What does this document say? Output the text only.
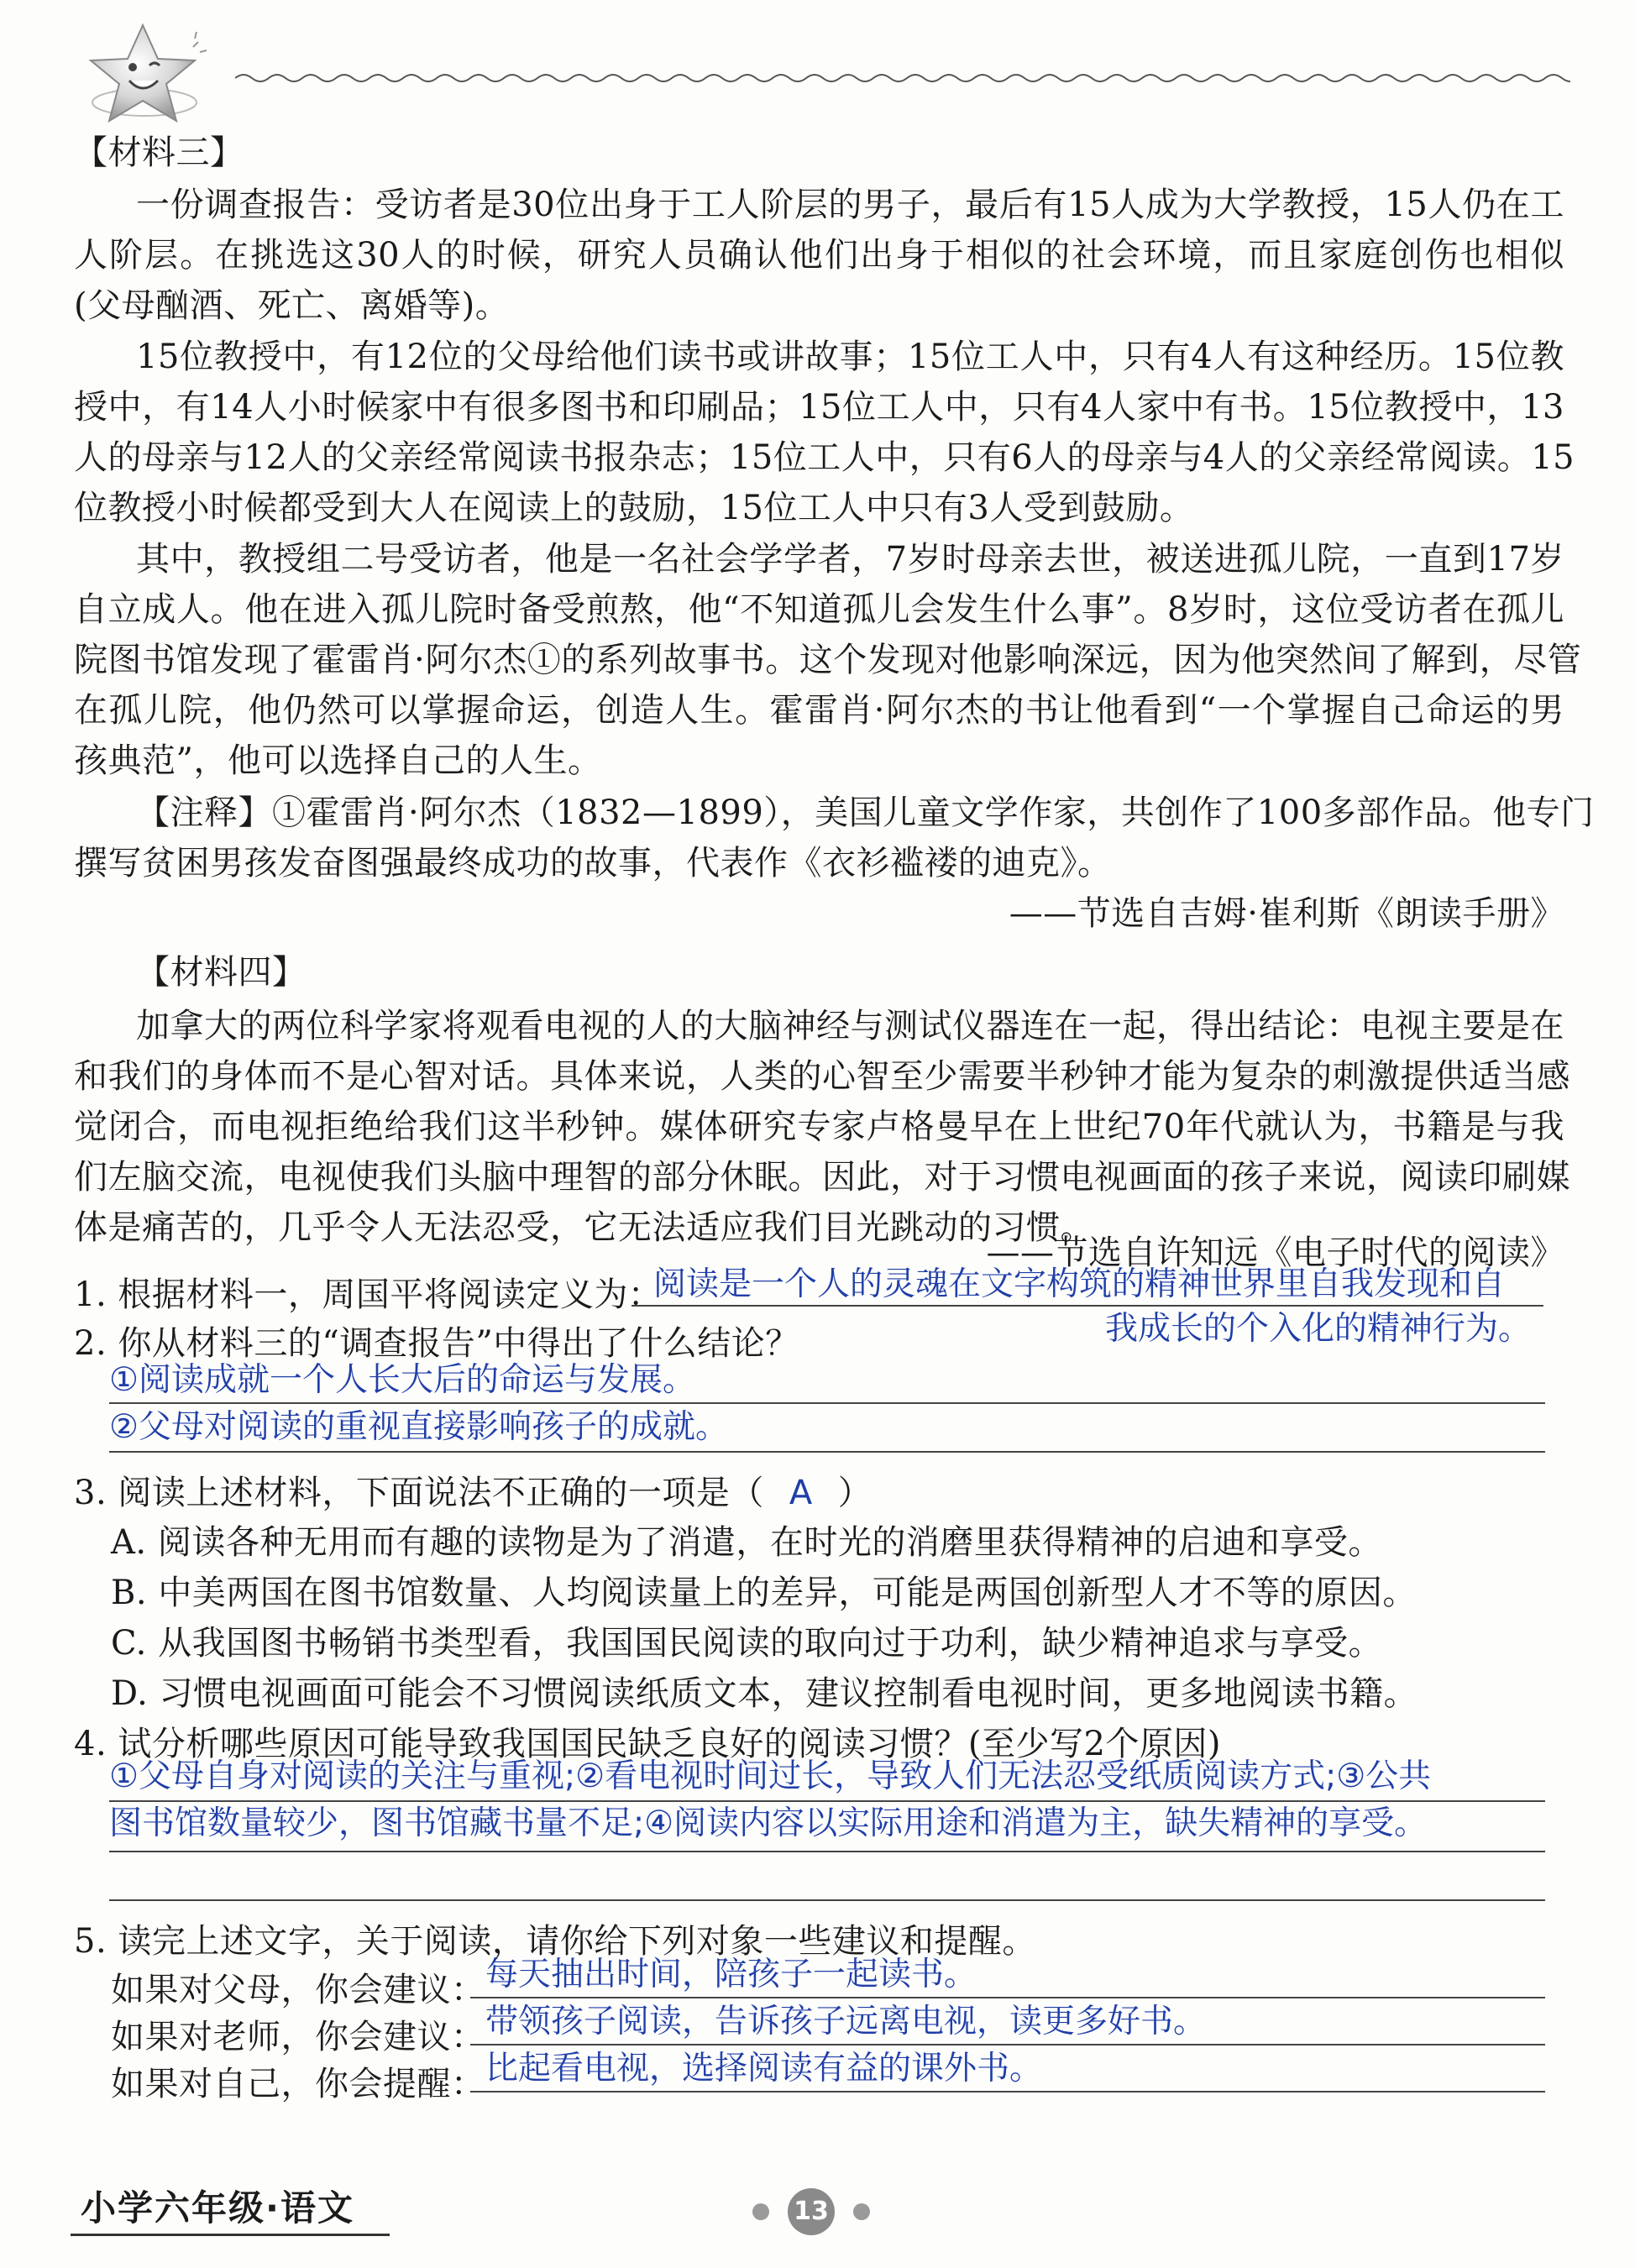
【材料三】
一份调查报告：受访者是30位出身于工人阶层的男子，最后有15人成为大学教授，15人仍在工
人阶层。在挑选这30人的时候，研究人员确认他们出身于相似的社会环境，而且家庭创伤也相似
(父母酗酒、死亡、离婚等)。
15位教授中，有12位的父母给他们读书或讲故事；15位工人中，只有4人有这种经历。15位教
授中，有14人小时候家中有很多图书和印刷品；15位工人中，只有4人家中有书。15位教授中，13
人的母亲与12人的父亲经常阅读书报杂志；15位工人中，只有6人的母亲与4人的父亲经常阅读。15
位教授小时候都受到大人在阅读上的鼓励，15位工人中只有3人受到鼓励。
其中，教授组二号受访者，他是一名社会学学者，7岁时母亲去世，被送进孤儿院，一直到17岁
自立成人。他在进入孤儿院时备受煎熬，他“不知道孤儿会发生什么事”。8岁时，这位受访者在孤儿
院图书馆发现了霍雷肖·阿尔杰①的系列故事书。这个发现对他影响深远，因为他突然间了解到，尽管
在孤儿院，他仍然可以掌握命运，创造人生。霍雷肖·阿尔杰的书让他看到“一个掌握自己命运的男
孩典范”，他可以选择自己的人生。
【注释】①霍雷肖·阿尔杰（1832—1899），美国儿童文学作家，共创作了100多部作品。他专门
撰写贫困男孩发奋图强最终成功的故事，代表作《衣衫褴褛的迪克》。
——节选自吉姆·崔利斯《朗读手册》
【材料四】
加拿大的两位科学家将观看电视的人的大脑神经与测试仪器连在一起，得出结论：电视主要是在
和我们的身体而不是心智对话。具体来说，人类的心智至少需要半秒钟才能为复杂的刺激提供适当感
觉闭合，而电视拒绝给我们这半秒钟。媒体研究专家卢格曼早在上世纪70年代就认为，书籍是与我
们左脑交流，电视使我们头脑中理智的部分休眠。因此，对于习惯电视画面的孩子来说，阅读印刷媒
体是痛苦的，几乎令人无法忍受，它无法适应我们目光跳动的习惯。
——节选自许知远《电子时代的阅读》
1. 根据材料一，周国平将阅读定义为：
阅读是一个人的灵魂在文字构筑的精神世界里自我发现和自
我成长的个入化的精神行为。
2. 你从材料三的“调查报告”中得出了什么结论？
①阅读成就一个人长大后的命运与发展。
②父母对阅读的重视直接影响孩子的成就。
3. 阅读上述材料，下面说法不正确的一项是（ A ）
A. 阅读各种无用而有趣的读物是为了消遣，在时光的消磨里获得精神的启迪和享受。
B. 中美两国在图书馆数量、人均阅读量上的差异，可能是两国创新型人才不等的原因。
C. 从我国图书畅销书类型看，我国国民阅读的取向过于功利，缺少精神追求与享受。
D. 习惯电视画面可能会不习惯阅读纸质文本，建议控制看电视时间，更多地阅读书籍。
4. 试分析哪些原因可能导致我国国民缺乏良好的阅读习惯？(至少写2个原因)
①父母自身对阅读的关注与重视;②看电视时间过长，导致人们无法忍受纸质阅读方式;③公共
图书馆数量较少，图书馆藏书量不足;④阅读内容以实际用途和消遣为主，缺失精神的享受。
5. 读完上述文字，关于阅读，请你给下列对象一些建议和提醒。
如果对父母，你会建议： 每天抽出时间，陪孩子一起读书。
如果对老师，你会建议： 带领孩子阅读，告诉孩子远离电视，读更多好书。
如果对自己，你会提醒： 比起看电视，选择阅读有益的课外书。
小学六年级·语文	13
